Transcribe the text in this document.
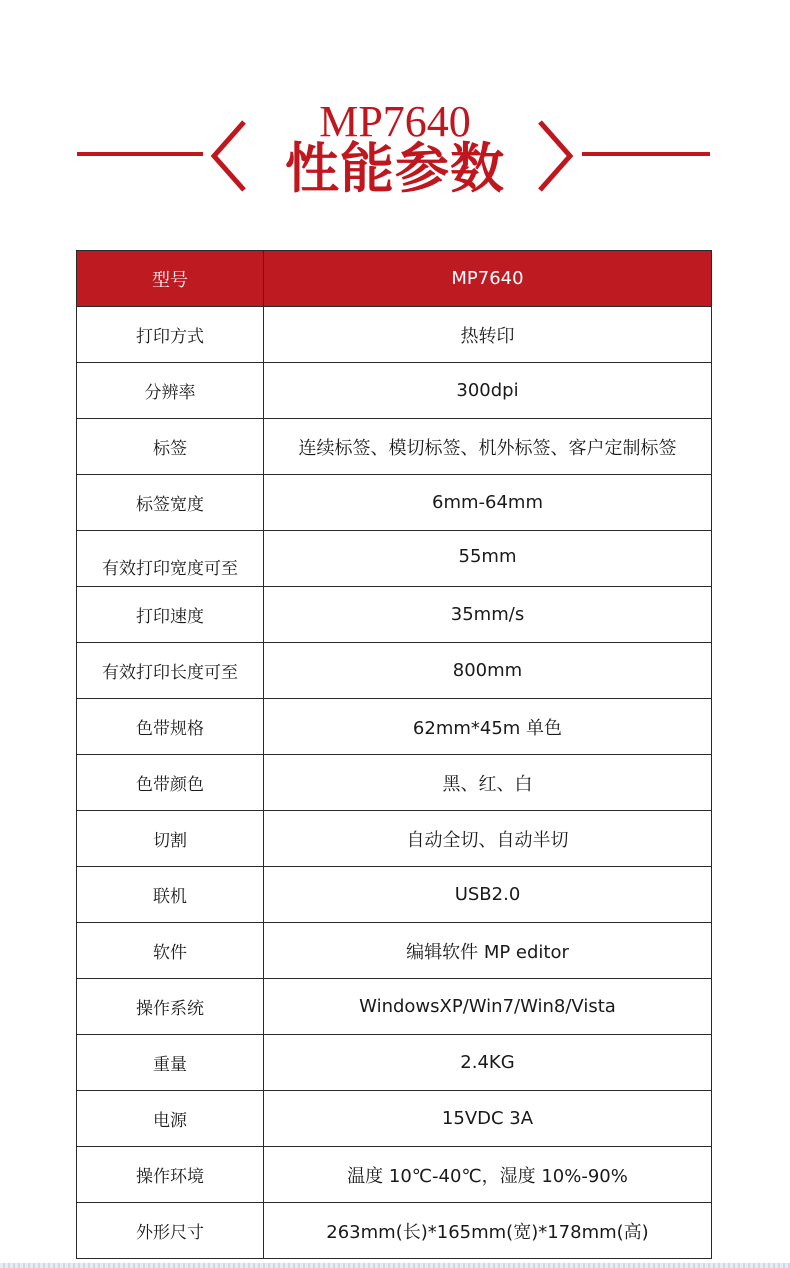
MP7640
性能参数
型号	MP7640
打印方式	热转印
分辨率	300dpi
标签	连续标签、模切标签、机外标签、客户定制标签
标签宽度	6mm-64mm
有效打印宽度可至	55mm
打印速度	35mm/s
有效打印长度可至	800mm
色带规格	62mm*45m 单色
色带颜色	黑、红、白
切割	自动全切、自动半切
联机	USB2.0
软件	编辑软件 MP editor
操作系统	WindowsXP/Win7/Win8/Vista
重量	2.4KG
电源	15VDC 3A
操作环境	温度 10℃-40℃，湿度 10%-90%
外形尺寸	263mm(长)*165mm(宽)*178mm(高)
